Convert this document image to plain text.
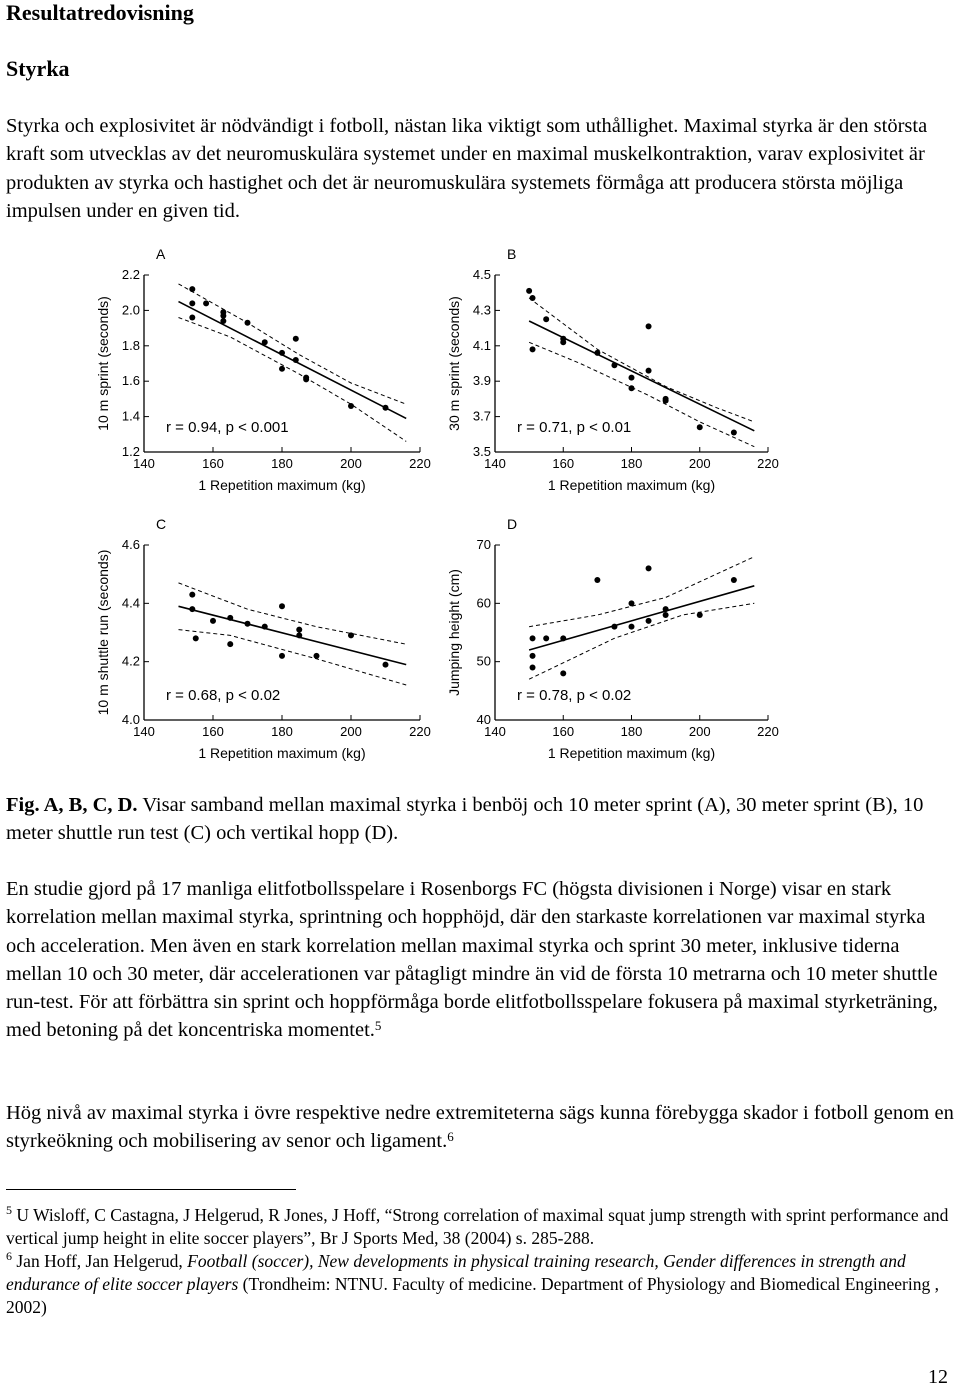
Resultatredovisning
Styrka
Styrka och explosivitet är nödvändigt i fotboll, nästan lika viktigt som uthållighet. Maximal styrka är den största kraft som utvecklas av det neuromuskulära systemet under en maximal muskelkontraktion, varav explosivitet är produkten av styrka och hastighet och det är neuromuskulära systemets förmåga att producera största möjliga impulsen under en given tid.
A
140	160	180	200	220
1.2
1.4
1.6
1.8
2.0
2.2
1 Repetition maximum (kg)
10 m sprint (seconds)	r = 0.94, p < 0.001
B
140	160	180	200	220
3.5
3.7
3.9
4.1
4.3
4.5
1 Repetition maximum (kg)
30 m sprint (seconds)	r = 0.71, p < 0.01
C
140	160	180	200	220
4.0
4.2
4.4
4.6
1 Repetition maximum (kg)
10 m shuttle run (seconds)	r = 0.68, p < 0.02
D
140	160	180	200	220
40
50
60
70
1 Repetition maximum (kg)
Jumping height (cm)	r = 0.78, p < 0.02
Fig. A, B, C, D. Visar samband mellan maximal styrka i benböj och 10 meter sprint (A), 30 meter sprint (B), 10 meter shuttle run test (C) och vertikal hopp (D).
En studie gjord på 17 manliga elitfotbollsspelare i Rosenborgs FC (högsta divisionen i Norge) visar en stark korrelation mellan maximal styrka, sprintning och hopphöjd, där den starkaste korrelationen var maximal styrka och acceleration. Men även en stark korrelation mellan maximal styrka och sprint 30 meter, inklusive tiderna mellan 10 och 30 meter, där accelerationen var påtagligt mindre än vid de första 10 metrarna och 10 meter shuttle run-test. För att förbättra sin sprint och hoppförmåga borde elitfotbollsspelare fokusera på maximal styrketräning, med betoning på det koncentriska momentet.$^5$
Hög nivå av maximal styrka i övre respektive nedre extremiteterna sägs kunna förebygga skador i fotboll genom en styrkeökning och mobilisering av senor och ligament.$^6$
$^5$ U Wisloff, C Castagna, J Helgerud, R Jones, J Hoff, “Strong correlation of maximal squat jump strength with sprint performance and vertical jump height in elite soccer players”, Br J Sports Med, 38 (2004) s. 285-288.
$^6$ Jan Hoff, Jan Helgerud, Football (soccer), New developments in physical training research, Gender differences in strength and endurance of elite soccer players (Trondheim: NTNU. Faculty of medicine. Department of Physiology and Biomedical Engineering , 2002)
12
